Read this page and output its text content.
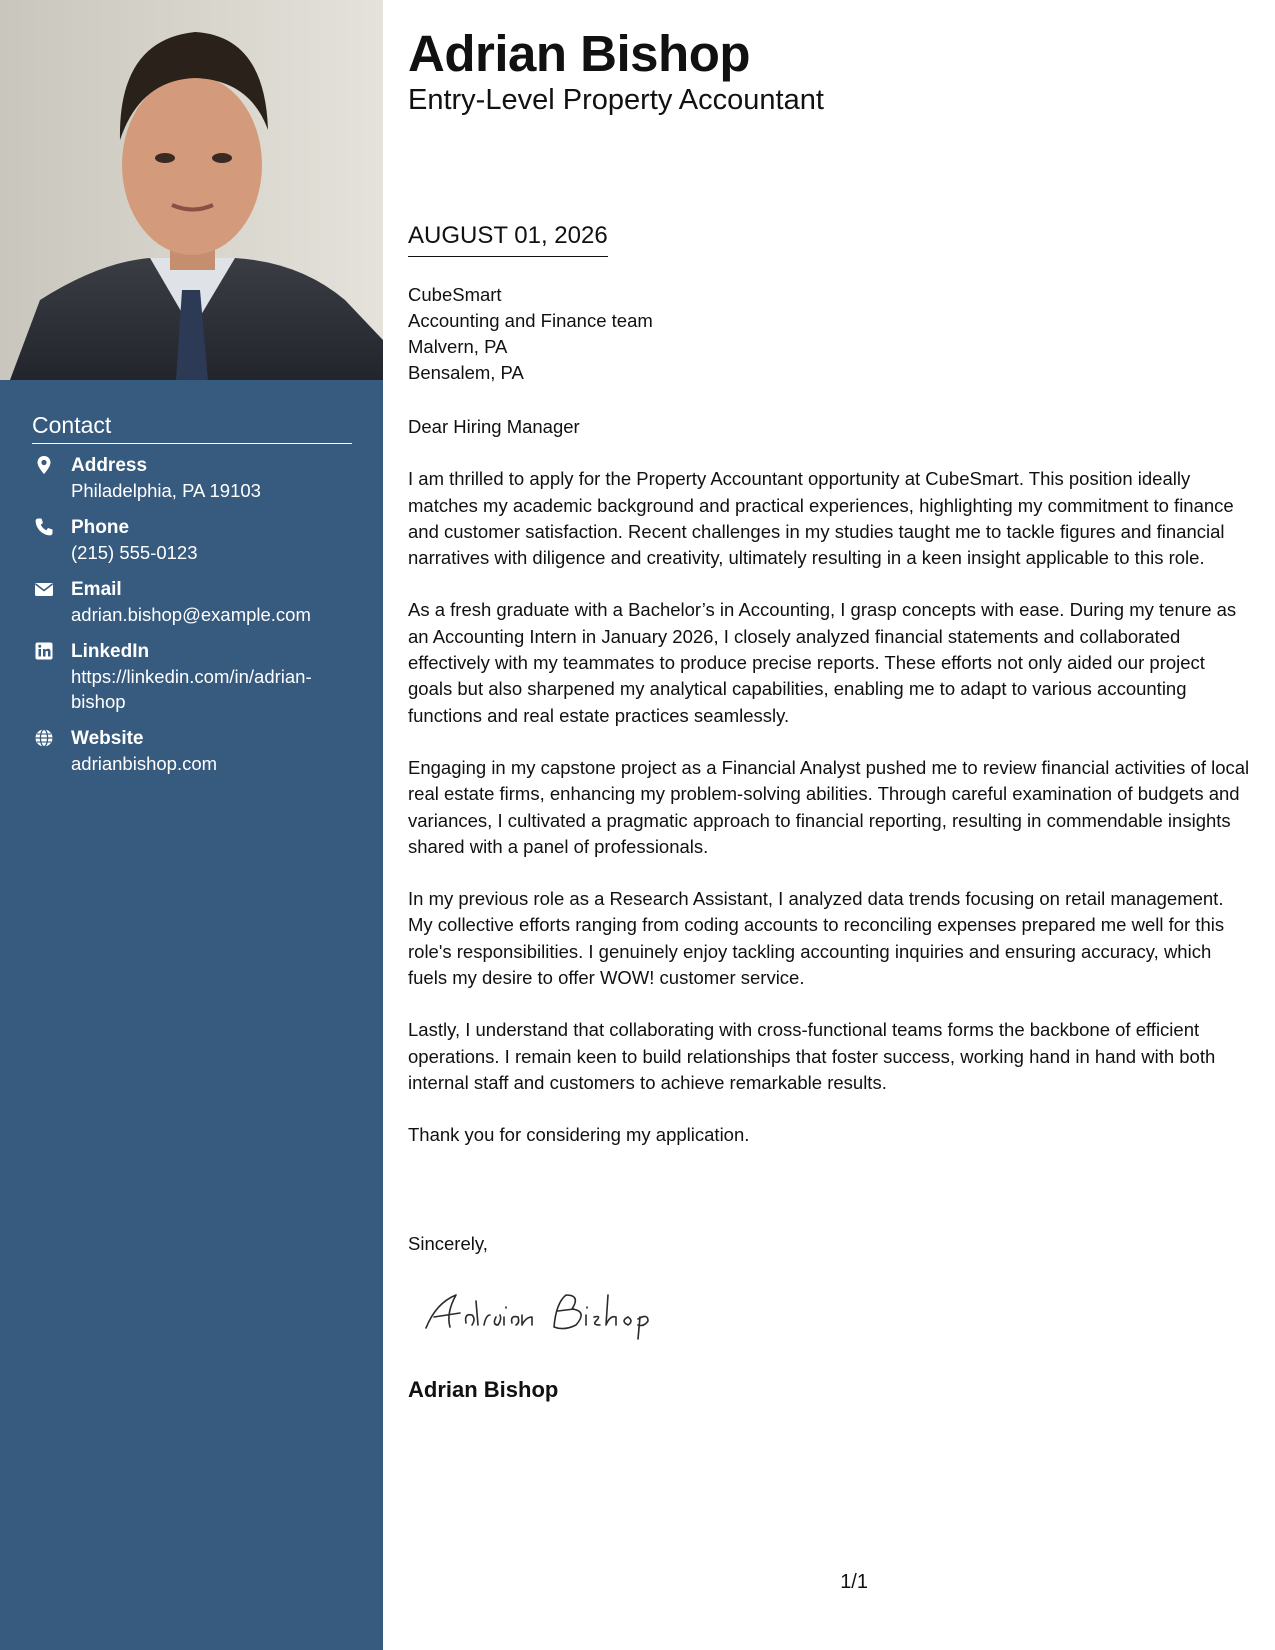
Contact
Address
Philadelphia, PA 19103
Phone
(215) 555-0123
Email
adrian.bishop@example.com
LinkedIn
https://linkedin.com/in/adrian-bishop
Website
adrianbishop.com
Adrian Bishop
Entry-Level Property Accountant
AUGUST 01, 2026
CubeSmart
Accounting and Finance team
Malvern, PA
Bensalem, PA

Dear Hiring Manager

I am thrilled to apply for the Property Accountant opportunity at CubeSmart. This position ideally matches my academic background and practical experiences, highlighting my commitment to finance and customer satisfaction. Recent challenges in my studies taught me to tackle figures and financial narratives with diligence and creativity, ultimately resulting in a keen insight applicable to this role.

As a fresh graduate with a Bachelor’s in Accounting, I grasp concepts with ease. During my tenure as an Accounting Intern in January 2026, I closely analyzed financial statements and collaborated effectively with my teammates to produce precise reports. These efforts not only aided our project goals but also sharpened my analytical capabilities, enabling me to adapt to various accounting functions and real estate practices seamlessly.

Engaging in my capstone project as a Financial Analyst pushed me to review financial activities of local real estate firms, enhancing my problem-solving abilities. Through careful examination of budgets and variances, I cultivated a pragmatic approach to financial reporting, resulting in commendable insights shared with a panel of professionals.

In my previous role as a Research Assistant, I analyzed data trends focusing on retail management. My collective efforts ranging from coding accounts to reconciling expenses prepared me well for this role's responsibilities. I genuinely enjoy tackling accounting inquiries and ensuring accuracy, which fuels my desire to offer WOW! customer service.

Lastly, I understand that collaborating with cross-functional teams forms the backbone of efficient operations. I remain keen to build relationships that foster success, working hand in hand with both internal staff and customers to achieve remarkable results.

Thank you for considering my application.

Sincerely,
Adrian Bishop
1/1
